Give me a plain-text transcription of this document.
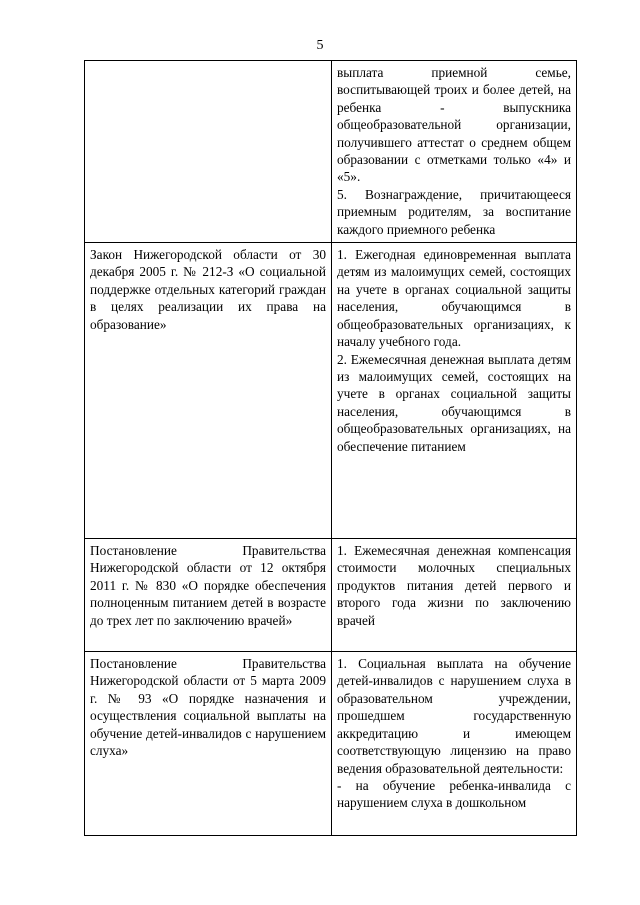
5

	выплата приемной семье, воспитывающей троих и более детей, на ребенка - выпускника общеобразовательной организации, получившего аттестат о среднем общем образовании с отметками только «4» и «5».

5. Вознаграждение, причитающееся приемным родителям, за воспитание каждого приемного ребенка

Закон Нижегородской области от 30 декабря 2005 г. № 212-З «О социальной поддержке отдельных категорий граждан в целях реализации их права на образование»	1. Ежегодная единовременная выплата детям из малоимущих семей, состоящих на учете в органах социальной защиты населения, обучающимся в общеобразовательных организациях, к началу учебного года.

2. Ежемесячная денежная выплата детям из малоимущих семей, состоящих на учете в органах социальной защиты населения, обучающимся в общеобразовательных организациях, на обеспечение питанием

Постановление Правительства Нижегородской области от 12 октября 2011 г. № 830 «О порядке обеспечения полноценным питанием детей в возрасте до трех лет по заключению врачей»	1. Ежемесячная денежная компенсация стоимости молочных специальных продуктов питания детей первого и второго года жизни по заключению врачей

Постановление Правительства Нижегородской области от 5 марта 2009 г. № 93 «О порядке назначения и осуществления социальной выплаты на обучение детей-инвалидов с нарушением слуха»	1. Социальная выплата на обучение детей-инвалидов с нарушением слуха в образовательном учреждении, прошедшем государственную аккредитацию и имеющем соответствующую лицензию на право ведения образовательной деятельности:

- на обучение ребенка-инвалида с нарушением слуха в дошкольном
